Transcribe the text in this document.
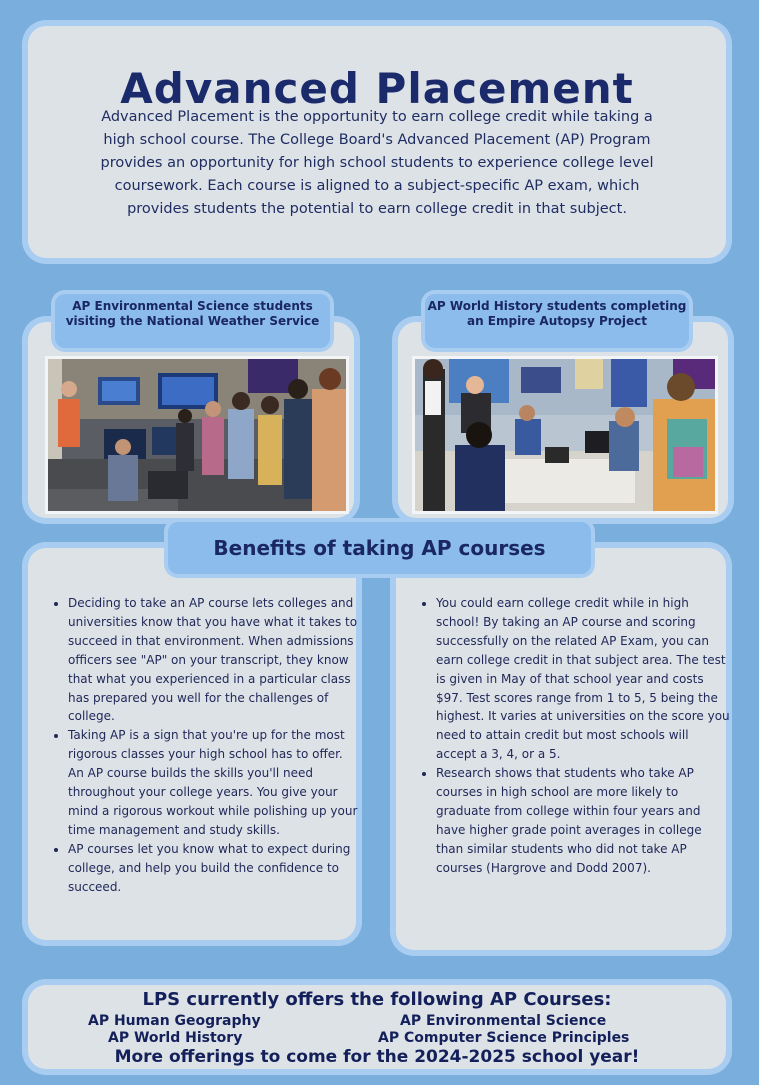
Advanced Placement

Advanced Placement is the opportunity to earn college credit while taking a high school course. The College Board's Advanced Placement (AP) Program provides an opportunity for high school students to experience college level coursework. Each course is aligned to a subject-specific AP exam, which provides students the potential to earn college credit in that subject.

AP Environmental Science students visiting the National Weather Service
AP World History students completing an Empire Autopsy Project
Benefits of taking AP courses
• Deciding to take an AP course lets colleges and universities know that you have what it takes to succeed in that environment. When admissions officers see "AP" on your transcript, they know that what you experienced in a particular class has prepared you well for the challenges of college.
• Taking AP is a sign that you're up for the most rigorous classes your high school has to offer. An AP course builds the skills you'll need throughout your college years. You give your mind a rigorous workout while polishing up your time management and study skills.
• AP courses let you know what to expect during college, and help you build the confidence to succeed.
• You could earn college credit while in high school! By taking an AP course and scoring successfully on the related AP Exam, you can earn college credit in that subject area. The test is given in May of that school year and costs $97. Test scores range from 1 to 5, 5 being the highest. It varies at universities on the score you need to attain credit but most schools will accept a 3, 4, or a 5.
• Research shows that students who take AP courses in high school are more likely to graduate from college within four years and have higher grade point averages in college than similar students who did not take AP courses (Hargrove and Dodd 2007).
LPS currently offers the following AP Courses:
AP Human Geography	AP Environmental Science
AP World History	AP Computer Science Principles

More offerings to come for the 2024-2025 school year!
